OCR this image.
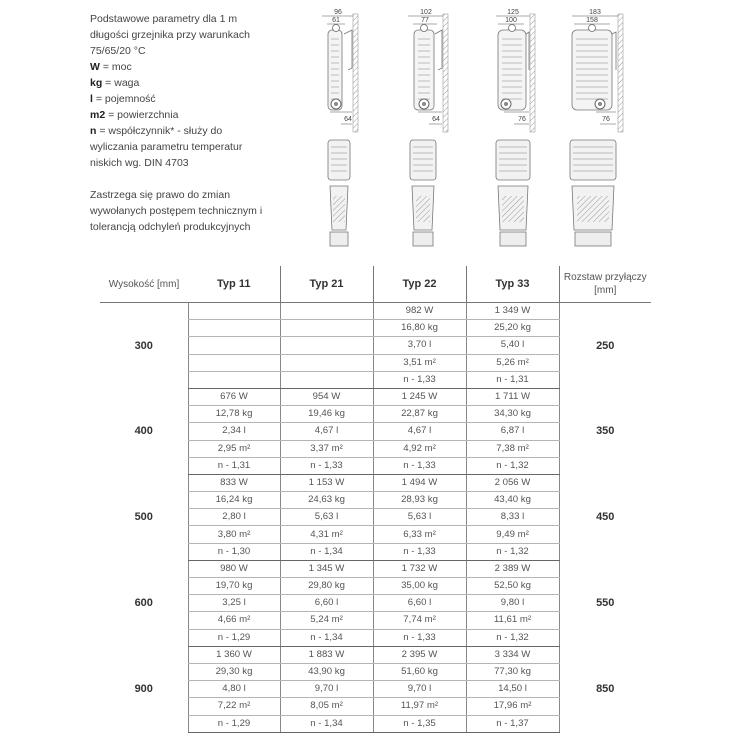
Podstawowe parametry dla 1 m

długości grzejnika przy warunkach

75/65/20 °C

W = moc

kg = waga

l = pojemność

m2 = powierzchnia

n = współczynnik* - służy do

wyliczania parametru temperatur

niskich wg. DIN 4703

Zastrzega się prawo do zmian

wywołanych postępem technicznym i

tolerancją odchyleń produkcyjnych

96
61
64
102
77
64
125
100
76
183
158
76
Wysokość [mm]	Typ 11	Typ 21	Typ 22	Typ 33	Rozstaw przyłączy [mm]
300			982 W	1 349 W	250
			16,80 kg	25,20 kg	
			3,70 l	5,40 l	
			3,51 m²	5,26 m²	
			n - 1,33	n - 1,31	
400	676 W	954 W	1 245 W	1 711 W	350
	12,78 kg	19,46 kg	22,87 kg	34,30 kg	
	2,34 l	4,67 l	4,67 l	6,87 l	
	2,95 m²	3,37 m²	4,92 m²	7,38 m²	
	n - 1,31	n - 1,33	n - 1,33	n - 1,32	
500	833 W	1 153 W	1 494 W	2 056 W	450
	16,24 kg	24,63 kg	28,93 kg	43,40 kg	
	2,80 l	5,63 l	5,63 l	8,33 l	
	3,80 m²	4,31 m²	6,33 m²	9,49 m²	
	n - 1,30	n - 1,34	n - 1,33	n - 1,32	
600	980 W	1 345 W	1 732 W	2 389 W	550
	19,70 kg	29,80 kg	35,00 kg	52,50 kg	
	3,25 l	6,60 l	6,60 l	9,80 l	
	4,66 m²	5,24 m²	7,74 m²	11,61 m²	
	n - 1,29	n - 1,34	n - 1,33	n - 1,32	
900	1 360 W	1 883 W	2 395 W	3 334 W	850
	29,30 kg	43,90 kg	51,60 kg	77,30 kg	
	4,80 l	9,70 l	9,70 l	14,50 l	
	7,22 m²	8,05 m²	11,97 m²	17,96 m²	
	n - 1,29	n - 1,34	n - 1,35	n - 1,37	
